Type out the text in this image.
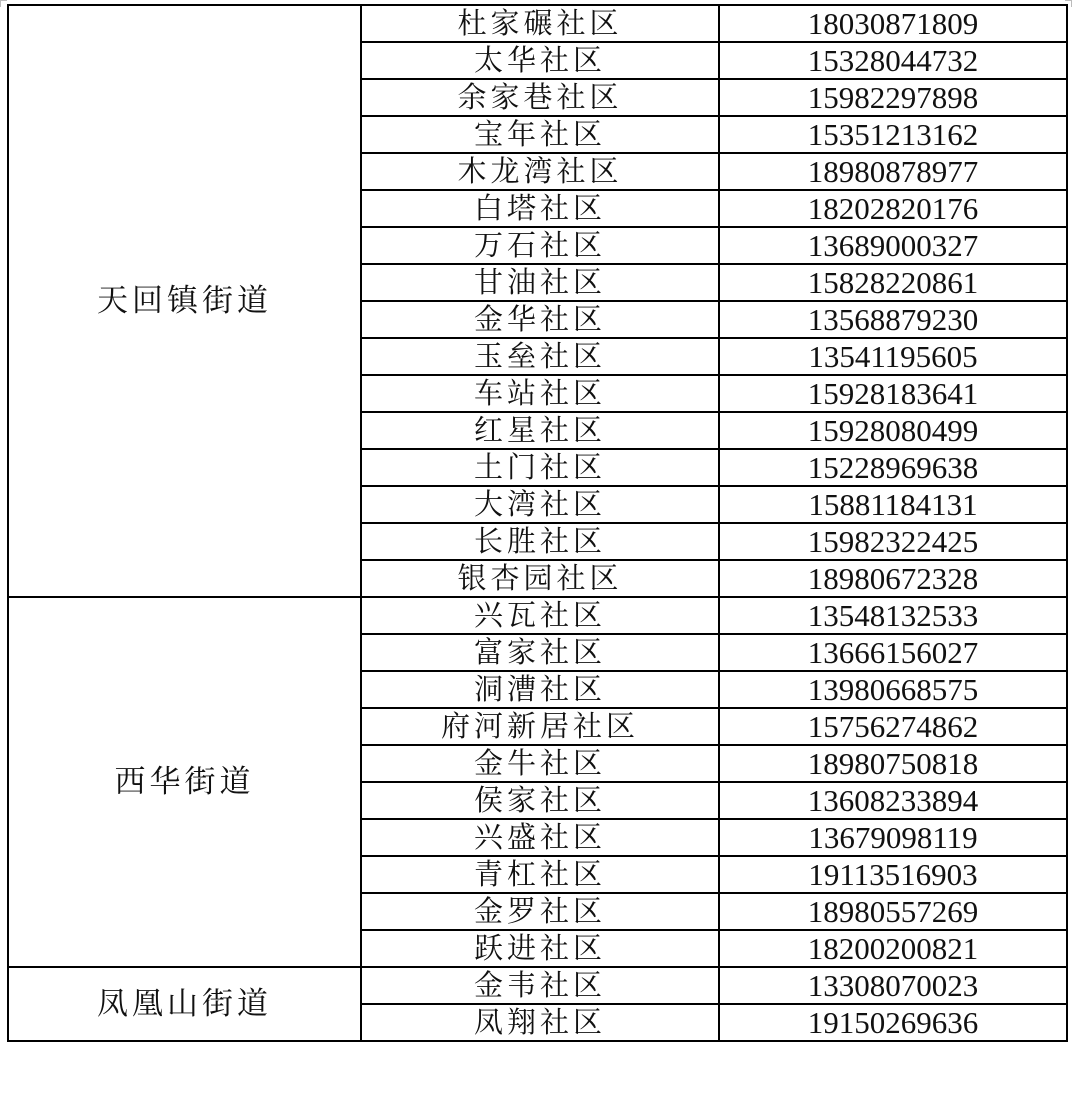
天回镇街道	杜家碾社区	18030871809
	太华社区	15328044732
	余家巷社区	15982297898
	宝年社区	15351213162
	木龙湾社区	18980878977
	白塔社区	18202820176
	万石社区	13689000327
	甘油社区	15828220861
	金华社区	13568879230
	玉垒社区	13541195605
	车站社区	15928183641
	红星社区	15928080499
	土门社区	15228969638
	大湾社区	15881184131
	长胜社区	15982322425
	银杏园社区	18980672328
西华街道	兴瓦社区	13548132533
	富家社区	13666156027
	洞漕社区	13980668575
	府河新居社区	15756274862
	金牛社区	18980750818
	侯家社区	13608233894
	兴盛社区	13679098119
	青杠社区	19113516903
	金罗社区	18980557269
	跃进社区	18200200821
凤凰山街道	金韦社区	13308070023
	凤翔社区	19150269636
